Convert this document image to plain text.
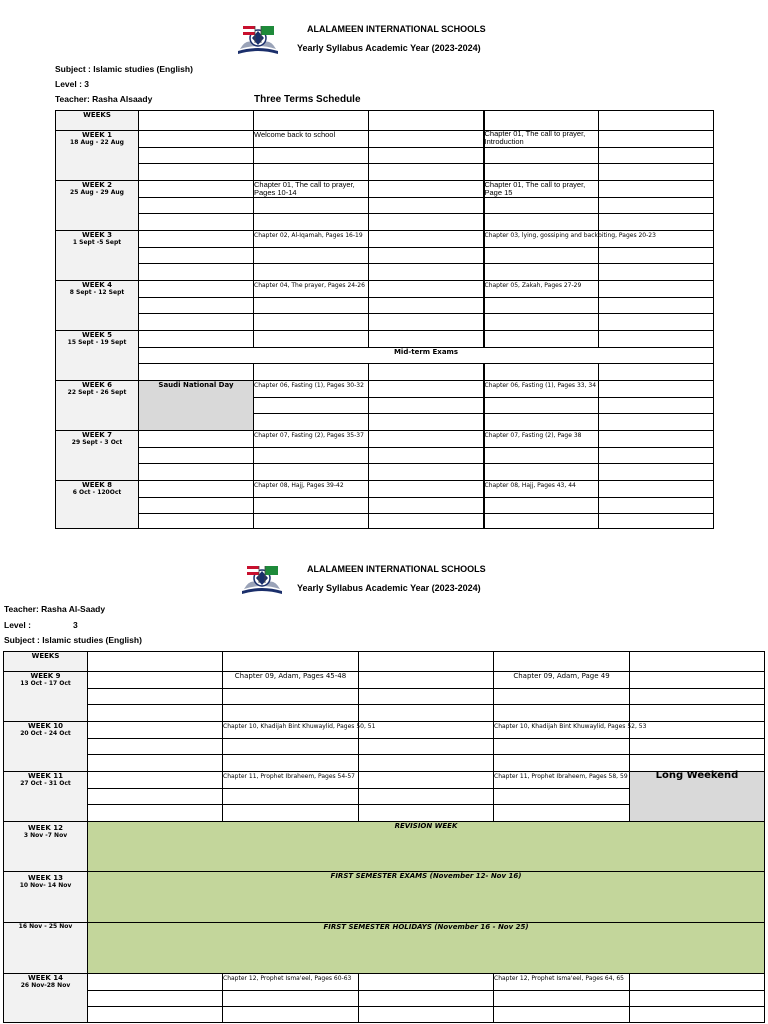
ALALAMEEN INTERNATIONAL SCHOOLS
Yearly Syllabus Academic Year (2023-2024)
Subject : Islamic studies (English)
Level : 3
Teacher: Rasha Alsaady	Three Terms Schedule
WEEKS					
WEEK 1
18 Aug - 22 Aug		Welcome back to school		Chapter 01, The call to prayer, Introduction	

WEEK 2
25 Aug - 29 Aug		Chapter 01, The call to prayer, Pages 10-14		Chapter 01, The call to prayer, Page 15	

WEEK 3
1 Sept -5 Sept		Chapter 02, Al-Iqamah, Pages 16-19		Chapter 03, lying, gossiping and backbiting, Pages 20-23	

WEEK 4
8 Sept - 12 Sept		Chapter 04, The prayer, Pages 24-26		Chapter 05, Zakah, Pages 27-29	

WEEK 5
15 Sept - 19 Sept					

	Mid-term Exams				

WEEK 6
22 Sept - 26 Sept	Saudi National Day	Chapter 06, Fasting (1), Pages 30-32		Chapter 06, Fasting (1), Pages 33, 34	

WEEK 7
29 Sept - 3 Oct		Chapter 07, Fasting (2), Pages 35-37		Chapter 07, Fasting (2), Page 38	

WEEK 8
6 Oct - 120Oct		Chapter 08, Hajj, Pages 39-42		Chapter 08, Hajj, Pages 43, 44	

ALALAMEEN INTERNATIONAL SCHOOLS
Yearly Syllabus Academic Year (2023-2024)
Teacher: Rasha Al-Saady
Level :	3
Subject : Islamic studies (English)
WEEKS					
WEEK 9
13 Oct - 17 Oct		Chapter 09, Adam, Pages 45-48		Chapter 09, Adam, Page 49	

WEEK 10
20 Oct - 24 Oct		Chapter 10, Khadijah Bint Khuwaylid, Pages 50, 51		Chapter 10, Khadijah Bint Khuwaylid, Pages 52, 53	

WEEK 11
27 Oct - 31 Oct		Chapter 11, Prophet Ibraheem, Pages 54-57		Chapter 11, Prophet Ibraheem, Pages 58, 59	Long Weekend

WEEK 12
3 Nov -7 Nov	REVISION WEEK				
WEEK 13
10 Nov- 14 Nov	FIRST SEMESTER EXAMS (November 12- Nov 16)				

16 Nov - 25 Nov	FIRST SEMESTER HOLIDAYS (November 16 - Nov 25)				
WEEK 14
26 Nov-28 Nov		Chapter 12, Prophet Isma'eel, Pages 60-63		Chapter 12, Prophet Isma'eel, Pages 64, 65	
